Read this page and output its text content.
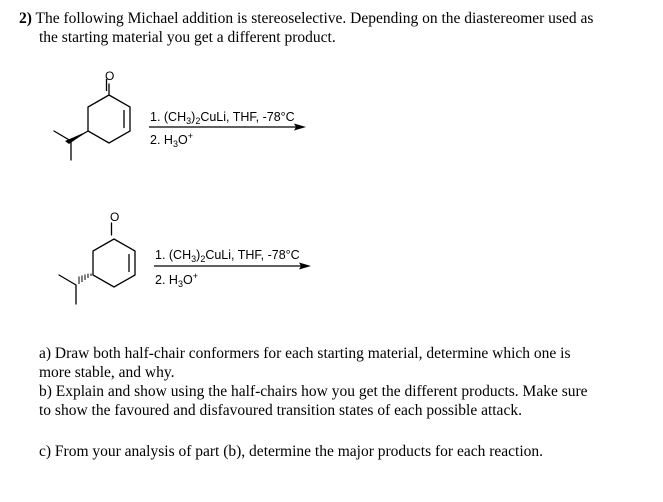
2) The following Michael addition is stereoselective. Depending on the diastereomer used as
the starting material you get a different product.
O
1. $(CH_3)_2CuLi$, THF, -78°C
2. $H_3O^+$
O
1. $(CH_3)_2CuLi$, THF, -78°C
2. $H_3O^+$
a) Draw both half-chair conformers for each starting material, determine which one is
more stable, and why.
b) Explain and show using the half-chairs how you get the different products. Make sure
to show the favoured and disfavoured transition states of each possible attack.
c) From your analysis of part (b), determine the major products for each reaction.
